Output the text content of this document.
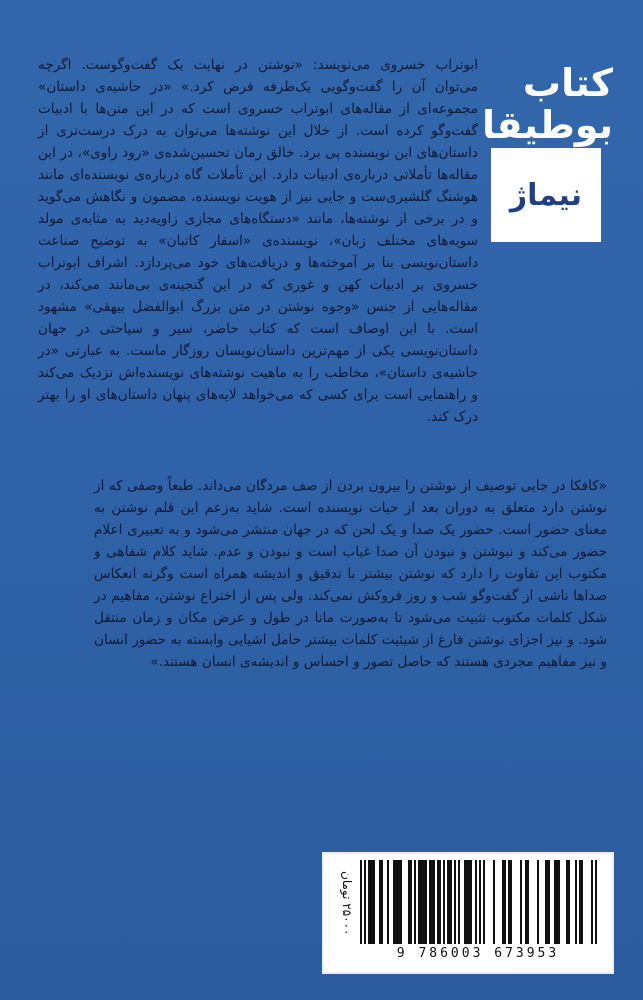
کتاب
بوطیقا
نیماژ

ابوتراب خسروی می‌نویسد: «نوشتن در نهایت یک گفت‌وگوست. اگرچه می‌توان آن را گفت‌وگویی یک‌طرفه فرض کرد.» «در حاشیه‌ی داستان» مجموعه‌ای از مقاله‌های ابوتراب خسروی است که در این متن‌ها با ادبیات گفت‌وگو کرده است. از خلال این نوشته‌ها می‌توان به درک درست‌تری از داستان‌های این نویسنده پی برد. خالق رمان تحسین‌شده‌ی «رود راوی»، در این مقاله‌ها تأملاتی درباره‌ی ادبیات دارد. این تأملات گاه درباره‌ی نویسنده‌ای مانند هوشنگ گلشیری‌ست و جایی نیز از هویت نویسنده، مضمون و نگاهش می‌گوید و در برخی از نوشته‌ها، مانند «دستگاه‌های مجازی زاویه‌دید به مثابه‌ی مولد سویه‌های مختلف زبان»، نویسنده‌ی «اسفار کاتبان» به توضیح صناعت داستان‌نویسی بنا بر آموخته‌ها و دریافت‌های خود می‌پردازد. اشراف ابوتراب خسروی بر ادبیات کهن و غوری که در این گنجینه‌ی بی‌مانند می‌کند، در مقاله‌هایی از جنس «وجوه نوشتن در متن بزرگ ابوالفضل بیهقی» مشهود است. با این اوصاف است که کتاب حاضر، سیر و سیاحتی در جهان داستان‌نویسی یکی از مهم‌ترین داستان‌نویسان روزگار ماست. به عبارتی «در حاشیه‌ی داستان»، مخاطب را به ماهیت نوشته‌های نویسنده‌اش نزدیک می‌کند و راهنمایی است برای کسی که می‌خواهد لایه‌های پنهان داستان‌های او را بهتر درک کند.

«کافکا در جایی توصیف از نوشتن را بیرون بردن از صف مردگان می‌داند. طبعاً وصفی که از نوشتن دارد متعلق به دوران بعد از حیات نویسنده است. شاید به‌زعم این قلم نوشتن به معنای حضور است. حضور یک صدا و یک لحن که در جهان منتشر می‌شود و به تعبیری اعلام حضور می‌کند و نبوشتن و نبودن آن صدا غیاب است و نبودن و عدم. شاید کلام شفاهی و مکتوب این تفاوت را دارد که نوشتن بیشتر با تدقیق و اندیشه همراه است وگرنه انعکاس صداها ناشی از گفت‌وگو شب و روز فروکش نمی‌کند. ولی پس از اختراع نوشتن، مفاهیم در شکل کلمات مکتوب تثبیت می‌شود تا به‌صورت مانا در طول و عرض مکان و زمان منتقل شود. و نیز اجزای نوشتن فارغ از شیئیت کلمات بیشتر حامل اشیایی وابسته به حضور انسان و نیز مفاهیم مجردی هستند که حاصل تصور و احساس و اندیشه‌ی انسان هستند.»

۲۵۰۰۰ تومان
9 786003 673953
